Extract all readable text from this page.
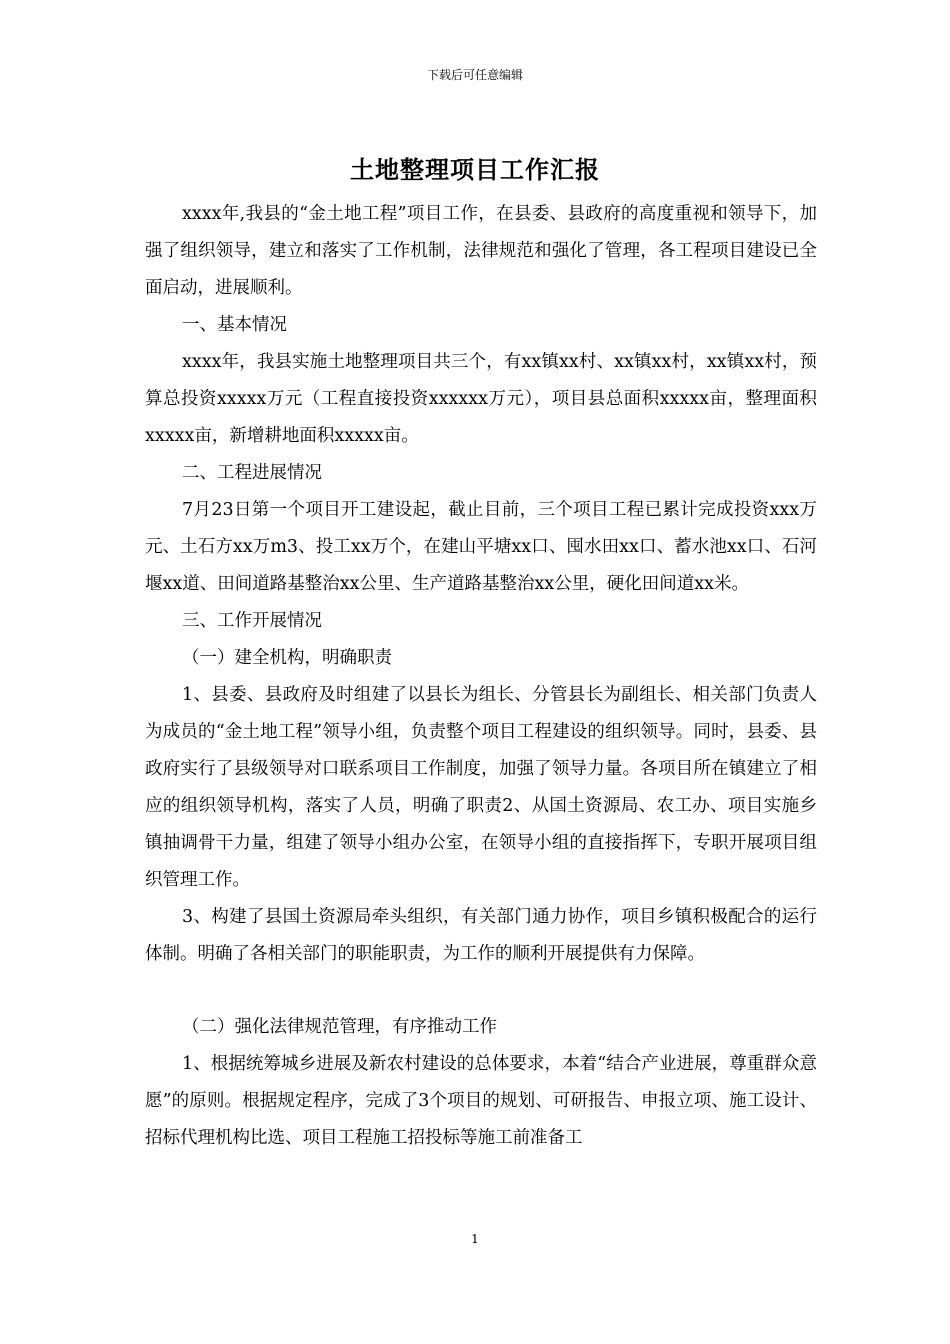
下载后可任意编辑
土地整理项目工作汇报

xxxx年,我县的“金土地工程”项目工作，在县委、县政府的高度重视和领导下，加强了组织领导，建立和落实了工作机制，法律规范和强化了管理，各工程项目建设已全面启动，进展顺利。

一、基本情况

xxxx年，我县实施土地整理项目共三个，有xx镇xx村、xx镇xx村，xx镇xx村，预算总投资xxxxx万元（工程直接投资xxxxxx万元），项目县总面积xxxxx亩，整理面积xxxxx亩，新增耕地面积xxxxx亩。

二、工程进展情况

7月23日第一个项目开工建设起，截止目前，三个项目工程已累计完成投资xxx万元、土石方xx万m3、投工xx万个，在建山平塘xx口、囤水田xx口、蓄水池xx口、石河堰xx道、田间道路基整治xx公里、生产道路基整治xx公里，硬化田间道xx米。

三、工作开展情况

（一）建全机构，明确职责

1、县委、县政府及时组建了以县长为组长、分管县长为副组长、相关部门负责人为成员的“金土地工程”领导小组，负责整个项目工程建设的组织领导。同时，县委、县政府实行了县级领导对口联系项目工作制度，加强了领导力量。各项目所在镇建立了相应的组织领导机构，落实了人员，明确了职责2、从国土资源局、农工办、项目实施乡镇抽调骨干力量，组建了领导小组办公室，在领导小组的直接指挥下，专职开展项目组织管理工作。

3、构建了县国土资源局牵头组织，有关部门通力协作，项目乡镇积极配合的运行体制。明确了各相关部门的职能职责，为工作的顺利开展提供有力保障。

（二）强化法律规范管理，有序推动工作

1、根据统筹城乡进展及新农村建设的总体要求，本着“结合产业进展，尊重群众意愿”的原则。根据规定程序，完成了3个项目的规划、可研报告、申报立项、施工设计、招标代理机构比选、项目工程施工招投标等施工前准备工

1
